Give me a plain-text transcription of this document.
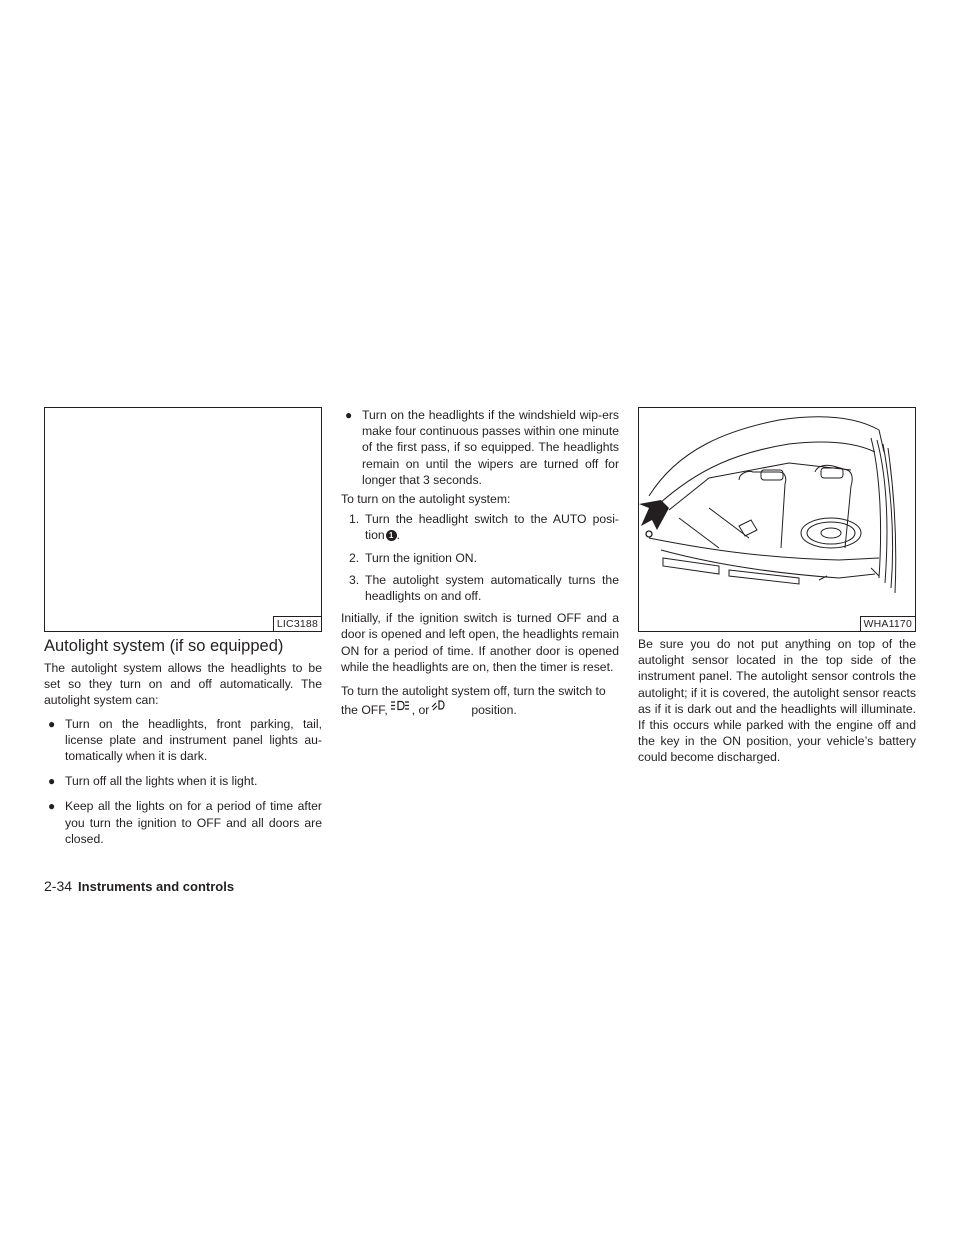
LIC3188	WHA1170
Autolight system (if so equipped)

The autolight system allows the headlights to be set so they turn on and off automatically. The autolight system can:

● Turn on the headlights, front parking, tail, license plate and instrument panel lights au-tomatically when it is dark.
● Turn off all the lights when it is light.
● Keep all the lights on for a period of time after you turn the ignition to OFF and all doors are closed.
● Turn on the headlights if the windshield wip-ers make four continuous passes within one minute of the first pass, if so equipped. The headlights remain on until the wipers are turned off for longer that 3 seconds.

To turn on the autolight system:

1. Turn the headlight switch to the AUTO posi-tion 1 .
2. Turn the ignition ON.
3. The autolight system automatically turns the headlights on and off.

Initially, if the ignition switch is turned OFF and a door is opened and left open, the headlights remain ON for a period of time. If another door is opened while the headlights are on, then the timer is reset.

To turn the autolight system off, turn the switch to the OFF, , or	position.

Be sure you do not put anything on top of the autolight sensor located in the top side of the instrument panel. The autolight sensor controls the autolight; if it is covered, the autolight sensor reacts as if it is dark out and the headlights will illuminate. If this occurs while parked with the engine off and the key in the ON position, your vehicle’s battery could become discharged.

2-34 Instruments and controls
